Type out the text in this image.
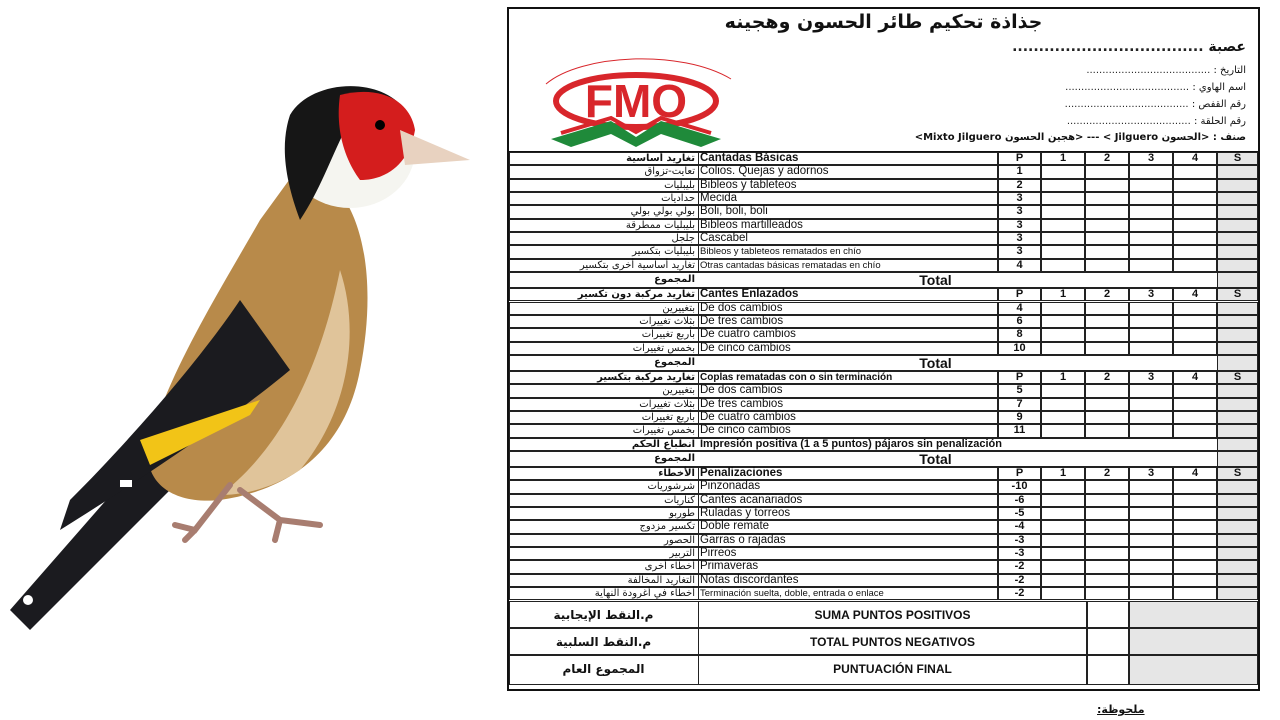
جذاذة تحكيم طائر الحسون وهجينه
FMO
عصبة ....................................
التاريخ : .......................................
اسم الهاوي : .......................................
رقم القفص : .......................................
رقم الحلقة : .......................................
صنف : <الحسون Jilguero > --- <هجين الحسون Mixto Jilguero>
تغاريد أساسية Cantadas Básicas	P	1	2	3	4	S
تعايت-تزواق Colios. Quejas y adornos	1
بليبليات Bibleos y tableteos	2
حداديات Mecida	3
بولي بولي بولي Boli, boli, boli	3
بليبليات ممطرقة Bibleos martilleados	3
جلجل Cascabel	3
بليبليات بتكسير Bibleos y tableteos rematados en chío	3
تغاريد أساسية أخرى بتكسير Otras cantadas básicas rematadas en chío	4
المجموع	Total
تغاريد مركبة دون تكسير Cantes Enlazados	P	1	2	3	4	S
بتغييرين De dos cambios	4
بثلاث تغييرات De tres cambios	6
بأربع تغييرات De cuatro cambios	8
بخمس تغييرات De cinco cambios	10
المجموع	Total
تغاريد مركبة بتكسير Coplas rematadas con o sin terminación	P	1	2	3	4	S
بتغييرين De dos cambios	5
بثلاث تغييرات De tres cambios	7
بأربع تغييرات De cuatro cambios	9
بخمس تغييرات De cinco cambios	11
انطباع الحكم Impresión positiva (1 a 5 puntos) pájaros sin penalización
المجموع	Total
الأخطاء Penalizaciones	P	1	2	3	4	S
شرشوريات Pinzonadas	-10
كناريات Cantes acanariados	-6
طوربو Ruladas y torreos	-5
تكسير مزدوج Doble remate	-4
الحصور Garras o rajadas	-3
التربير Pirreos	-3
أخطاء أخرى Primaveras	-2
التغاريد المخالفة Notas discordantes	-2
أخطاء في أغرودة النهاية Terminación suelta, doble, entrada o enlace	-2
م.النقط الإيجابية	SUMA PUNTOS POSITIVOS
م.النقط السلبية	TOTAL PUNTOS NEGATIVOS
المجموع العام	PUNTUACIÓN FINAL
ملحوظة:
